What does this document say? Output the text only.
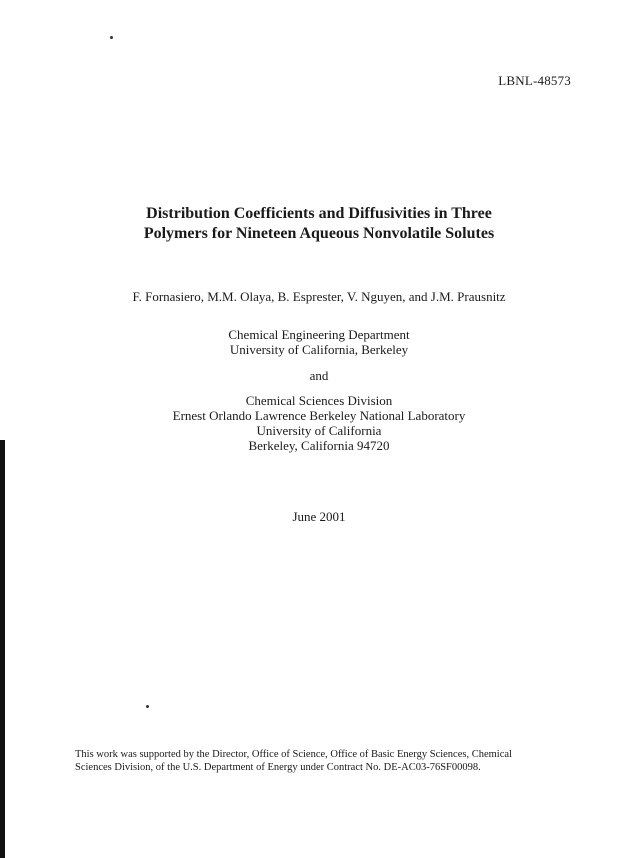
LBNL-48573
Distribution Coefficients and Diffusivities in Three
Polymers for Nineteen Aqueous Nonvolatile Solutes
F. Fornasiero, M.M. Olaya, B. Esprester, V. Nguyen, and J.M. Prausnitz
Chemical Engineering Department
University of California, Berkeley
and
Chemical Sciences Division
Ernest Orlando Lawrence Berkeley National Laboratory
University of California
Berkeley, California 94720
June 2001
This work was supported by the Director, Office of Science, Office of Basic Energy Sciences, Chemical
Sciences Division, of the U.S. Department of Energy under Contract No. DE-AC03-76SF00098.
